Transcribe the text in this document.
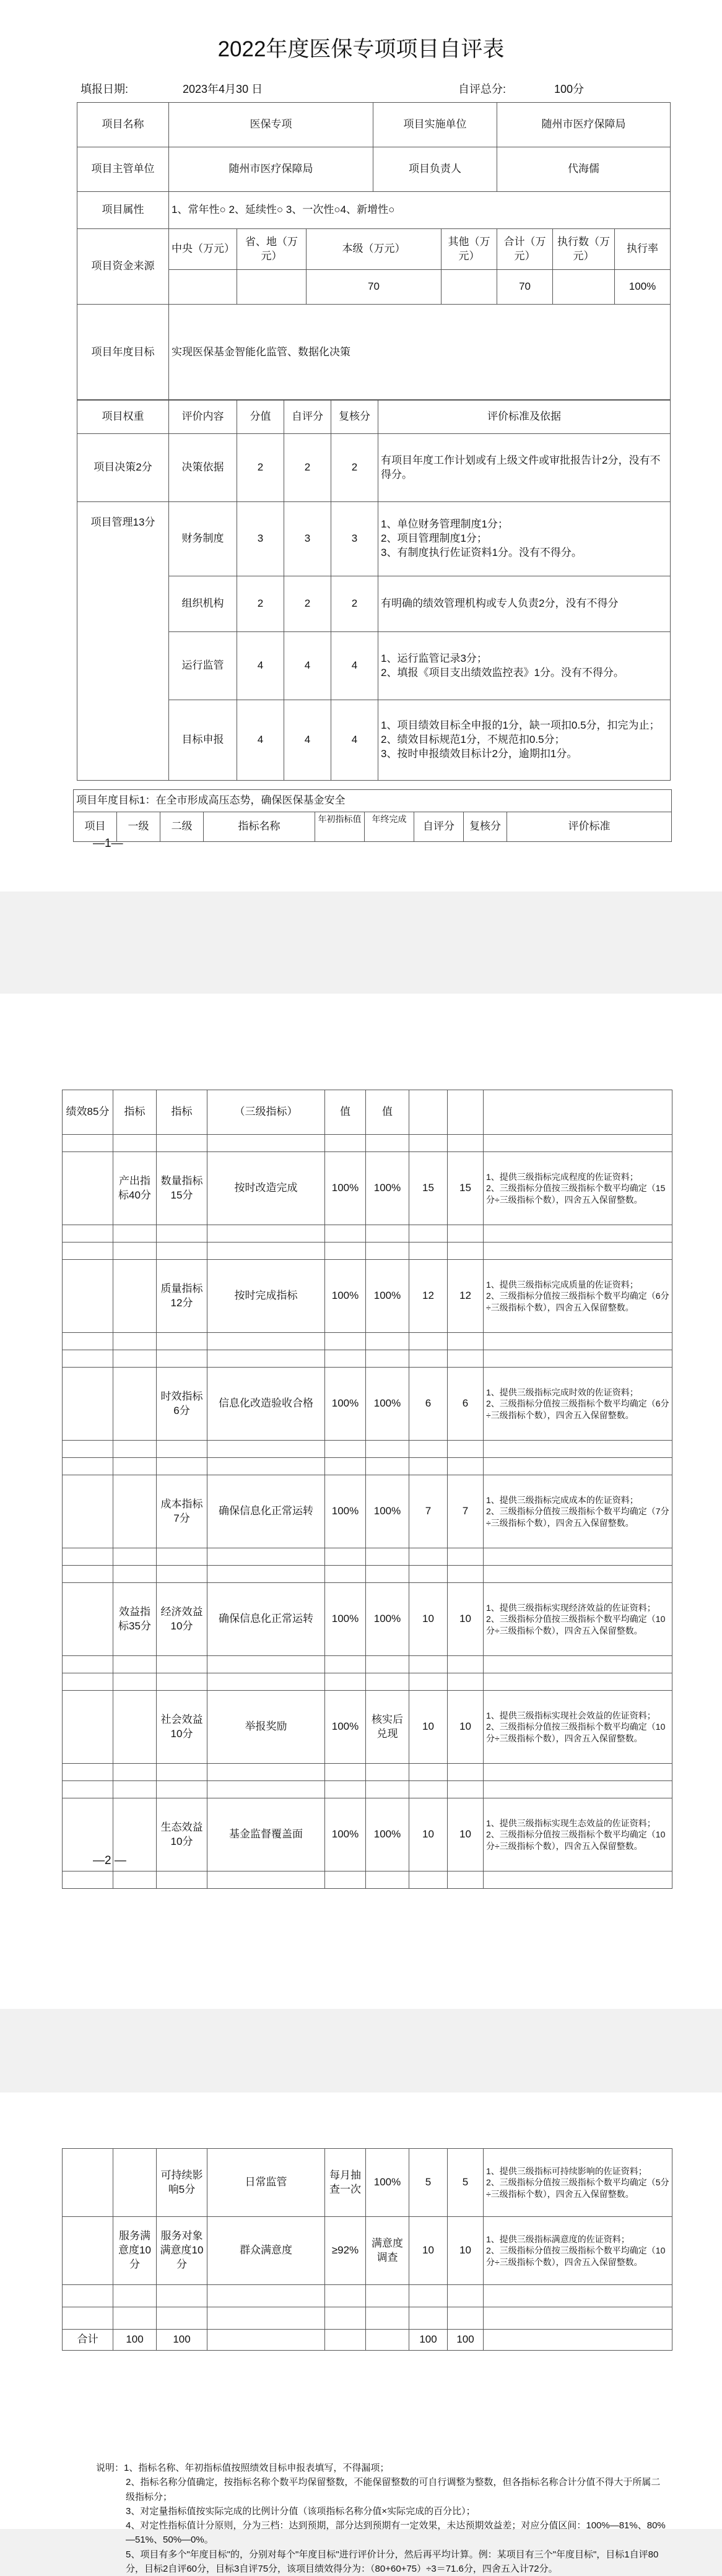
2022年度医保专项项目自评表
填报日期:	2023年4月30 日	自评总分:	100分
项目名称	医保专项			项目实施单位		随州市医疗保障局		
项目主管单位	随州市医疗保障局			项目负责人		代海儒		
项目属性	1、常年性○ 2、延续性○ 3、一次性○4、新增性○							
项目资金来源	中央（万元）	省、地（万元）	本级（万元）		其他（万元）	合计（万元）	执行数（万元）	执行率
			70			70		100%
项目年度目标	实现医保基金智能化监管、数据化决策							
项目权重	评价内容	分值	自评分	复核分	评价标准及依据
项目决策2分	决策依据	2	2	2	有项目年度工作计划或有上级文件或审批报告计2分，没有不得分。
项目管理13分	财务制度	3	3	3	1、单位财务管理制度1分；
2、项目管理制度1分；
3、有制度执行佐证资料1分。没有不得分。
	组织机构	2	2	2	有明确的绩效管理机构或专人负责2分，没有不得分
	运行监管	4	4	4	1、运行监管记录3分；
2、填报《项目支出绩效监控表》1分。没有不得分。
	目标申报	4	4	4	1、项目绩效目标全申报的1分，缺一项扣0.5分，扣完为止；
2、绩效目标规范1分，不规范扣0.5分；
3、按时申报绩效目标计2分，逾期扣1分。
项目年度目标1：在全市形成高压态势，确保医保基金安全
项目	一级	二级	指标名称	年初指标值	年终完成	自评分	复核分	评价标准
—1—
绩效85分	指标	指标	（三级指标）	值	值			

	产出指标40分	数量指标15分	按时改造完成	100%	100%	15	15	1、提供三级指标完成程度的佐证资料；
2、三级指标分值按三级指标个数平均确定（15分÷三级指标个数），四舍五入保留整数。

		质量指标12分	按时完成指标	100%	100%	12	12	1、提供三级指标完成质量的佐证资料；
2、三级指标分值按三级指标个数平均确定（6分÷三级指标个数），四舍五入保留整数。

		时效指标6分	信息化改造验收合格	100%	100%	6	6	1、提供三级指标完成时效的佐证资料；
2、三级指标分值按三级指标个数平均确定（6分÷三级指标个数），四舍五入保留整数。

		成本指标7分	确保信息化正常运转	100%	100%	7	7	1、提供三级指标完成成本的佐证资料；
2、三级指标分值按三级指标个数平均确定（7分÷三级指标个数），四舍五入保留整数。

	效益指标35分	经济效益10分	确保信息化正常运转	100%	100%	10	10	1、提供三级指标实现经济效益的佐证资料；
2、三级指标分值按三级指标个数平均确定（10分÷三级指标个数），四舍五入保留整数。

		社会效益10分	举报奖励	100%	核实后兑现	10	10	1、提供三级指标实现社会效益的佐证资料；
2、三级指标分值按三级指标个数平均确定（10分÷三级指标个数），四舍五入保留整数。

		生态效益10分	基金监督覆盖面	100%	100%	10	10	1、提供三级指标实现生态效益的佐证资料；
2、三级指标分值按三级指标个数平均确定（10分÷三级指标个数），四舍五入保留整数。

—2 —
		可持续影响5分	日常监管	每月抽查一次	100%	5	5	1、提供三级指标可持续影响的佐证资料；
2、三级指标分值按三级指标个数平均确定（5分÷三级指标个数），四舍五入保留整数。
	服务满意度10分	服务对象满意度10分	群众满意度	≥92%	满意度调查	10	10	1、提供三级指标满意度的佐证资料；
2、三级指标分值按三级指标个数平均确定（10分÷三级指标个数），四舍五入保留整数。

合计	100	100				100	100	
说明：1、指标名称、年初指标值按照绩效目标申报表填写，不得漏项；
2、指标名称分值确定，按指标名称个数平均保留整数，不能保留整数的可自行调整为整数，但各指标名称合计分值不得大于所属二级指标分；
3、对定量指标值按实际完成的比例计分值（该项指标名称分值×实际完成的百分比）；
4、对定性指标值计分原则，分为三档：达到预期，部分达到预期有一定效果，未达预期效益差；对应分值区间：100%—81%、80%—51%、50%—0%。
5、项目有多个"年度目标"的，分别对每个"年度目标"进行评价计分，然后再平均计算。例：某项目有三个"年度目标"，目标1自评80分，目标2自评60分，目标3自评75分，该项目绩效得分为：（80+60+75）÷3＝71.6分，四舍五入计72分。
